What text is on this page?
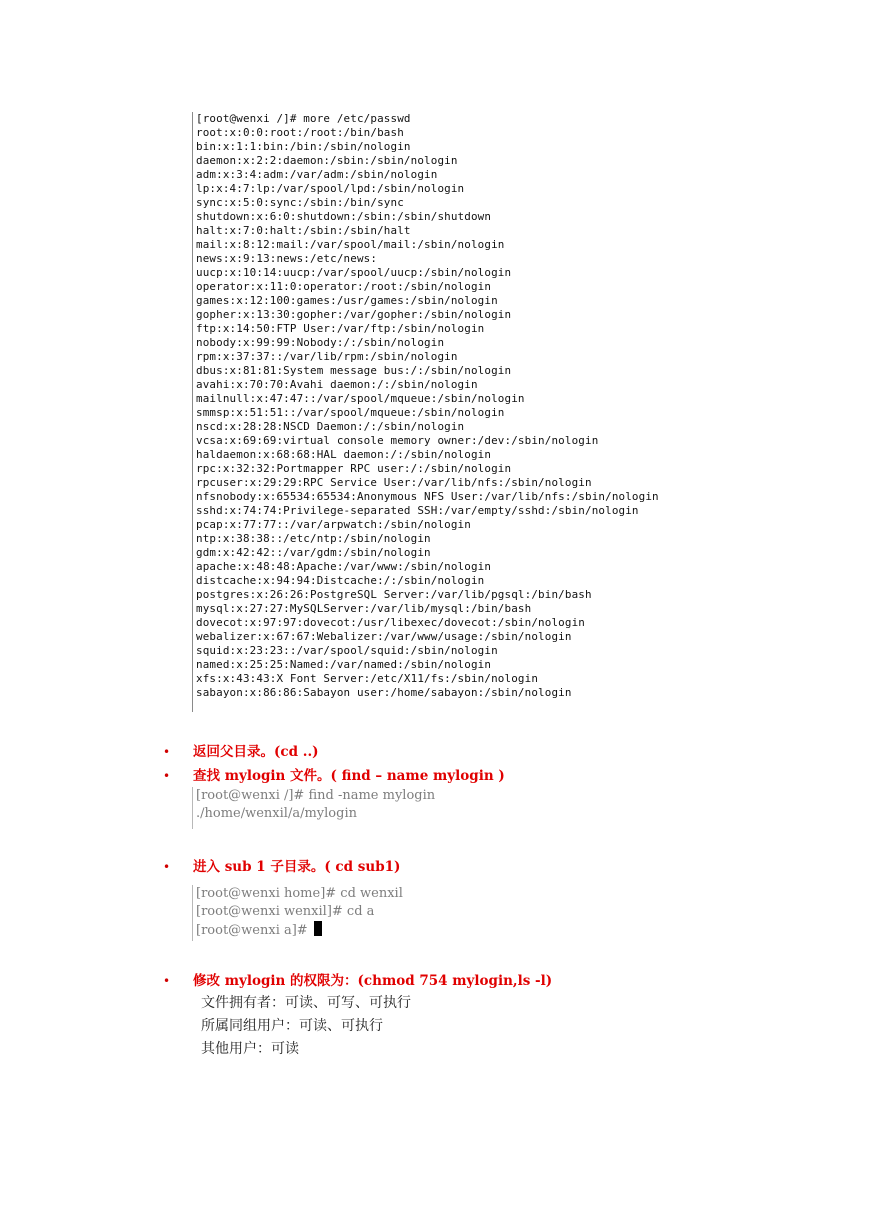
[root@wenxi /]# more /etc/passwd
root:x:0:0:root:/root:/bin/bash
bin:x:1:1:bin:/bin:/sbin/nologin
daemon:x:2:2:daemon:/sbin:/sbin/nologin
adm:x:3:4:adm:/var/adm:/sbin/nologin
lp:x:4:7:lp:/var/spool/lpd:/sbin/nologin
sync:x:5:0:sync:/sbin:/bin/sync
shutdown:x:6:0:shutdown:/sbin:/sbin/shutdown
halt:x:7:0:halt:/sbin:/sbin/halt
mail:x:8:12:mail:/var/spool/mail:/sbin/nologin
news:x:9:13:news:/etc/news:
uucp:x:10:14:uucp:/var/spool/uucp:/sbin/nologin
operator:x:11:0:operator:/root:/sbin/nologin
games:x:12:100:games:/usr/games:/sbin/nologin
gopher:x:13:30:gopher:/var/gopher:/sbin/nologin
ftp:x:14:50:FTP User:/var/ftp:/sbin/nologin
nobody:x:99:99:Nobody:/:/sbin/nologin
rpm:x:37:37::/var/lib/rpm:/sbin/nologin
dbus:x:81:81:System message bus:/:/sbin/nologin
avahi:x:70:70:Avahi daemon:/:/sbin/nologin
mailnull:x:47:47::/var/spool/mqueue:/sbin/nologin
smmsp:x:51:51::/var/spool/mqueue:/sbin/nologin
nscd:x:28:28:NSCD Daemon:/:/sbin/nologin
vcsa:x:69:69:virtual console memory owner:/dev:/sbin/nologin
haldaemon:x:68:68:HAL daemon:/:/sbin/nologin
rpc:x:32:32:Portmapper RPC user:/:/sbin/nologin
rpcuser:x:29:29:RPC Service User:/var/lib/nfs:/sbin/nologin
nfsnobody:x:65534:65534:Anonymous NFS User:/var/lib/nfs:/sbin/nologin
sshd:x:74:74:Privilege-separated SSH:/var/empty/sshd:/sbin/nologin
pcap:x:77:77::/var/arpwatch:/sbin/nologin
ntp:x:38:38::/etc/ntp:/sbin/nologin
gdm:x:42:42::/var/gdm:/sbin/nologin
apache:x:48:48:Apache:/var/www:/sbin/nologin
distcache:x:94:94:Distcache:/:/sbin/nologin
postgres:x:26:26:PostgreSQL Server:/var/lib/pgsql:/bin/bash
mysql:x:27:27:MySQLServer:/var/lib/mysql:/bin/bash
dovecot:x:97:97:dovecot:/usr/libexec/dovecot:/sbin/nologin
webalizer:x:67:67:Webalizer:/var/www/usage:/sbin/nologin
squid:x:23:23::/var/spool/squid:/sbin/nologin
named:x:25:25:Named:/var/named:/sbin/nologin
xfs:x:43:43:X Font Server:/etc/X11/fs:/sbin/nologin
sabayon:x:86:86:Sabayon user:/home/sabayon:/sbin/nologin
•	返回父目录。(cd ..)
•	查找 mylogin 文件。( find – name mylogin )
[root@wenxi /]# find -name mylogin
./home/wenxil/a/mylogin
•	进入 sub 1 子目录。( cd sub1)
[root@wenxi home]# cd wenxil
[root@wenxi wenxil]# cd a
[root@wenxi a]#
•	修改 mylogin 的权限为：(chmod 754 mylogin,ls -l)
文件拥有者：可读、可写、可执行
所属同组用户：可读、可执行
其他用户：可读
